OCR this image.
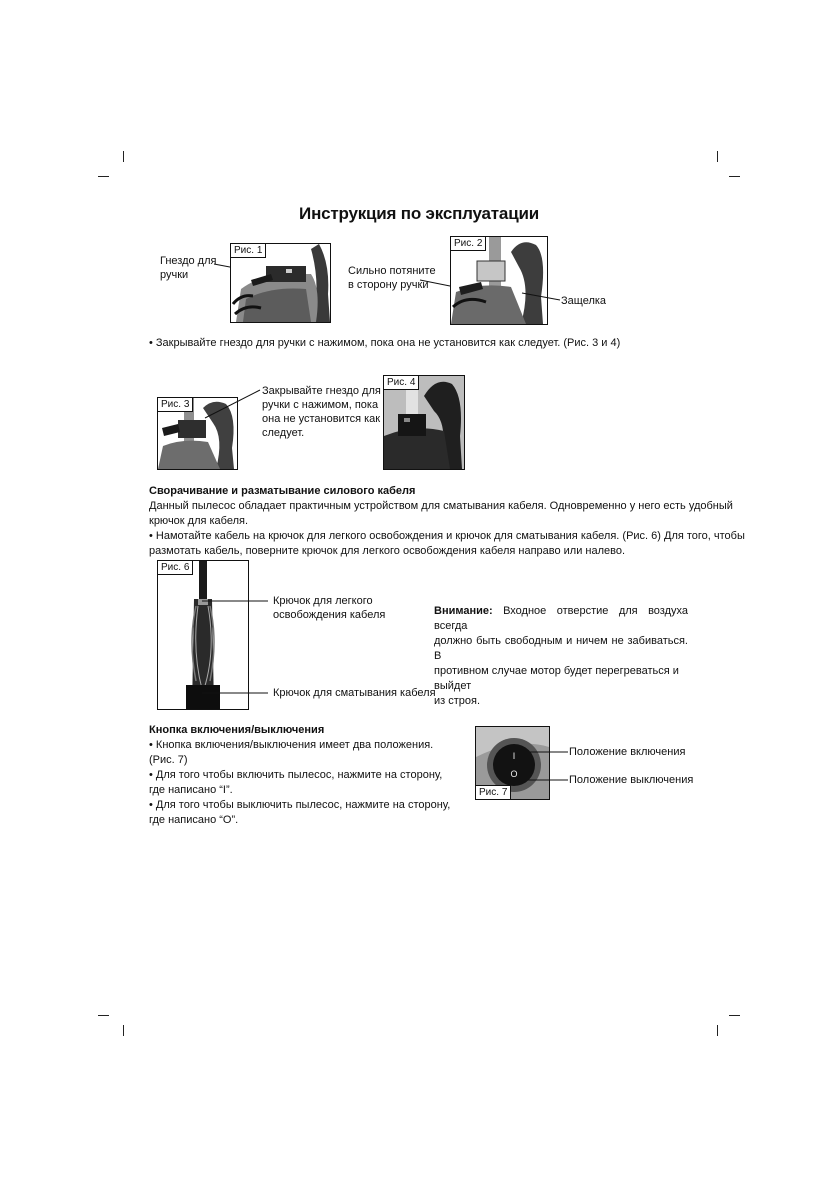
Инструкция по эксплуатации
Гнездо для
ручки
Рис. 1
Сильно потяните
в сторону ручки
Рис. 2
Защелка
• Закрывайте гнездо для ручки с нажимом, пока она не установится как следует. (Рис. 3 и 4)
Рис. 3
Закрывайте гнездо для
ручки с нажимом, пока
она не установится как
следует.
Рис. 4
Сворачивание и разматывание силового кабеля
Данный пылесос обладает практичным устройством для сматывания кабеля. Одновременно у него есть удобный
крючок для кабеля.
• Намотайте кабель на крючок для легкого освобождения и крючок для сматывания кабеля. (Рис. 6) Для того, чтобы
размотать кабель, поверните крючок для легкого освобождения кабеля направо или налево.
Рис. 6
Крючок для легкого
освобождения кабеля
Крючок для сматывания кабеля
Внимание: Входное отверстие для воздуха всегда
должно быть свободным и ничем не забиваться. В
противном случае мотор будет перегреваться и выйдет
из строя.
Кнопка включения/выключения
• Кнопка включения/выключения имеет два положения.
(Рис. 7)
• Для того чтобы включить пылесос, нажмите на сторону,
где написано “I”.
• Для того чтобы выключить пылесос, нажмите на сторону,
где написано “O”.
I
O
Рис. 7
Положение включения
Положение выключения
